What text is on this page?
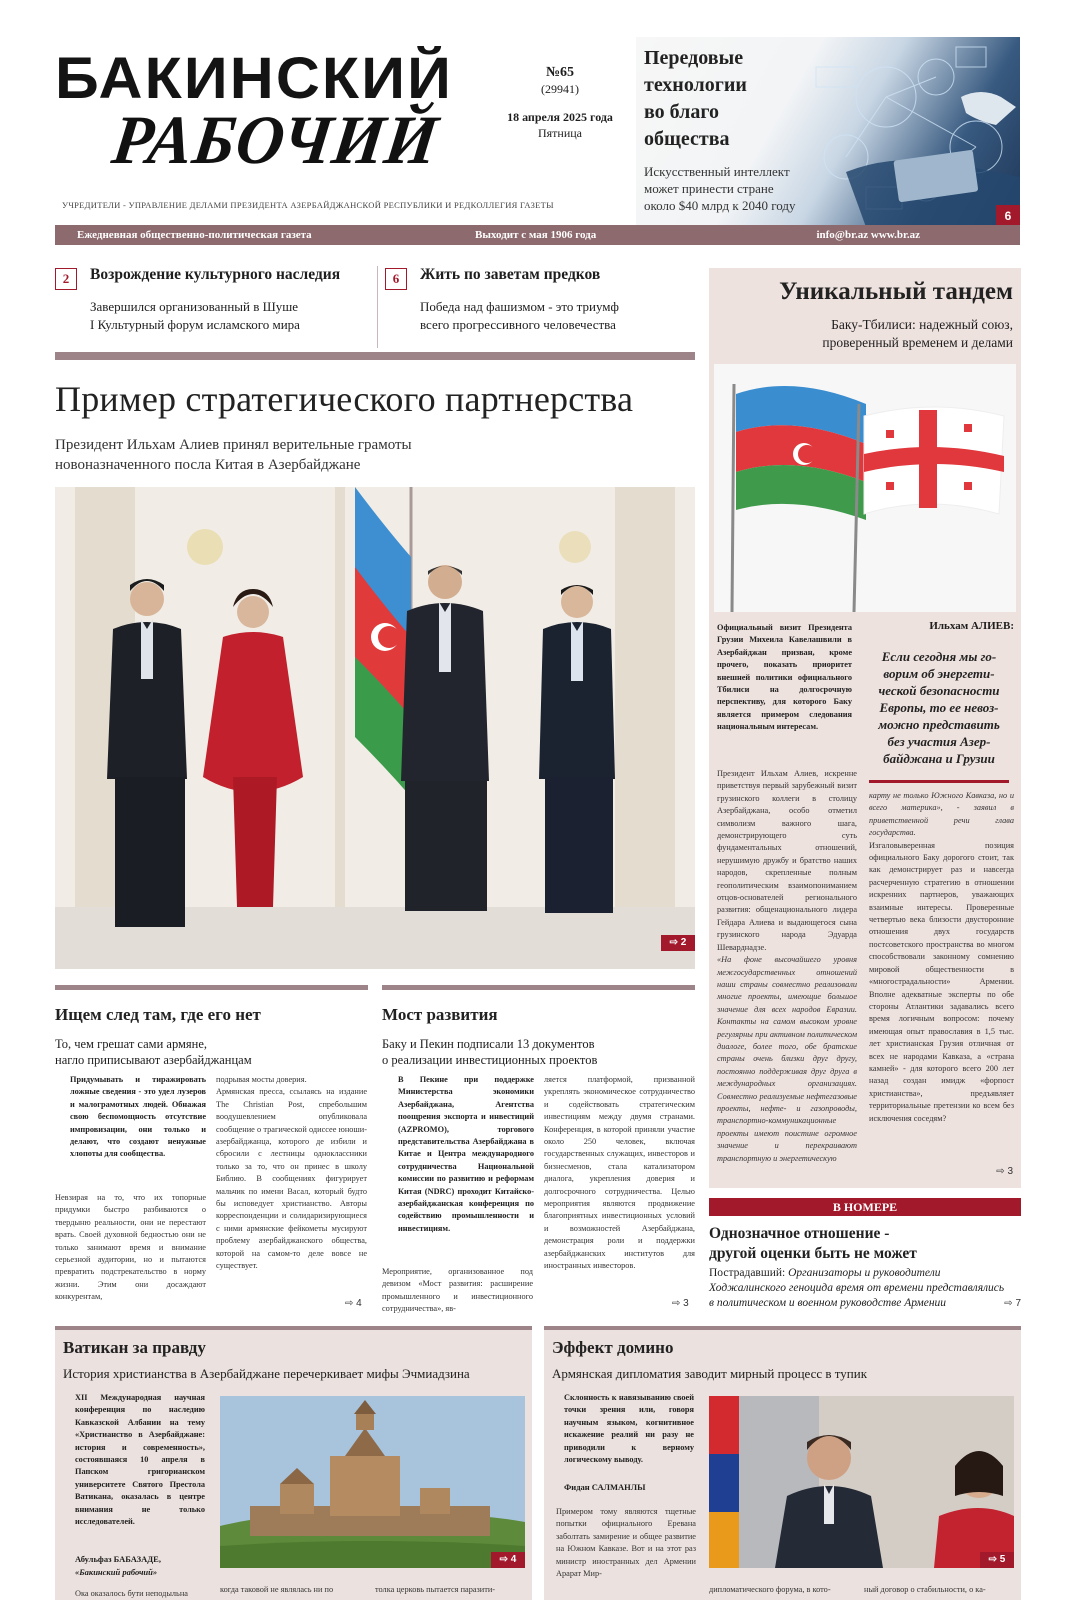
БАКИНСКИЙ
РАБОЧИЙ
№65
(29941)
18 апреля 2025 года
Пятница
УЧРЕДИТЕЛИ - УПРАВЛЕНИЕ ДЕЛАМИ ПРЕЗИДЕНТА АЗЕРБАЙДЖАНСКОЙ РЕСПУБЛИКИ И РЕДКОЛЛЕГИЯ ГАЗЕТЫ
Передовые
технологии
во благо
общества
Искусственный интеллект
может принести стране
около $40 млрд к 2040 году
6
Ежедневная общественно-политическая газета	Выходит с мая 1906 года	info@br.az www.br.az
2	Возрождение культурного наследия
Завершился организованный в Шуше
I Культурный форум исламского мира
6	Жить по заветам предков
Победа над фашизмом - это триумф
всего прогрессивного человечества
Пример стратегического партнерства
Президент Ильхам Алиев принял верительные грамоты
новоназначенного посла Китая в Азербайджане
⇨ 2
Уникальный тандем
Баку-Тбилиси: надежный союз,
проверенный временем и делами
Официальный визит Президента Грузии Михеила Кавелашвили в Азербайджан призван, кроме прочего, показать приоритет внешней политики официального Тбилиси на долгосрочную перспективу, для которого Баку является примером следования национальным интересам.
Ильхам АЛИЕВ:
Если сегодня мы го-
ворим об энергети-
ческой безопасности
Европы, то ее невоз-
можно представить
без участия Азер-
байджана и Грузии
Президент Ильхам Алиев, искренне приветствуя первый зарубежный визит грузинского коллеги в столицу Азербайджана, особо отметил символизм важного шага, демонстрирующего суть фундаментальных отношений, нерушимую дружбу и братство наших народов, скрепленные полным геополитическим взаимопониманием отцов-основателей регионального развития: общенационального лидера Гейдара Алиева и выдающегося сына грузинского народа Эдуарда Шеварднадзе.
«На фоне высочайшего уровня межгосударственных отношений наши страны совместно реализовали многие проекты, имеющие большое значение для всех народов Евразии. Контакты на самом высоком уровне регулярны при активном политическом диалоге, более того, обе братские страны очень близки друг другу, постоянно поддерживая друг друга в международных организациях. Совместно реализуемые нефтегазовые проекты, нефте- и газопроводы, транспортно-коммуникационные проекты имеют поистине огромное значение и перекраивают транспортную и энергетическую
карту не только Южного Кавказа, но и всего материка», - заявил в приветственной речи глава государства.
Изгаловыверенная позиция официального Баку дорогого стоит, так как демонстрирует раз и навсегда расчерченную стратегию в отношении искренних партнеров, уважающих взаимные интересы. Проверенные четвертью века близости двусторонние отношения двух государств постсоветского пространства во многом способствовали законному сомнению мировой общественности в «многострадальности» Армении. Вполне адекватные эксперты по обе стороны Атлантики задавались всего время логичным вопросом: почему имеющая опыт православия в 1,5 тыс. лет христианская Грузия отличная от всех не народами Кавказа, а «страна камней» - для которого всего 200 лет назад создан имидж «форпост христианства», предъявляет территориальные претензии ко всем без исключения соседям?
⇨ 3
В НОМЕРЕ
Однозначное отношение -
другой оценки быть не может
Пострадавший: Организаторы и руководители
Ходжалинского геноцида время от времени представлялись
в политическом и военном руководстве Армении	⇨ 7
Ищем след там, где его нет
То, чем грешат сами армяне,
нагло приписывают азербайджанцам
Придумывать и тиражировать ложные сведения - это удел лузеров и малограмотных людей. Обнажая свою беспомощность отсутствие импровизации, они только и делают, что создают ненужные хлопоты для сообщества.
Невзирая на то, что их топорные придумки быстро разбиваются о твердыню реальности, они не перестают врать. Своей духовной бедностью они не только занимают время и внимание серьезной аудитории, но и пытаются превратить подстрекательство в норму жизни. Этим они досаждают конкурентам,
подрывая мосты доверия.
Армянская пресса, ссылаясь на издание The Christian Post, спребольшим воодушевлением опубликовала сообщение о трагической одиссее юноши-азербайджанца, которого де избили и сбросили с лестницы одноклассники только за то, что он принес в школу Библию. В сообщениях фигурирует мальчик по имени Васал, который будто бы исповедует христианство. Авторы корреспонденции и солидаризирующиеся с ними армянские фейкометы мусируют проблему азербайджанского общества, которой на самом-то деле вовсе не существует.
⇨ 4
Мост развития
Баку и Пекин подписали 13 документов
о реализации инвестиционных проектов
В Пекине при поддержке Министерства экономики Азербайджана, Агентства поощрения экспорта и инвестиций (AZPROMO), торгового представительства Азербайджана в Китае и Центра международного сотрудничества Национальной комиссии по развитию и реформам Китая (NDRC) проходит Китайско-азербайджанская конференция по содействию промышленности и инвестициям.
Мероприятие, организованное под девизом «Мост развития: расширение промышленного и инвестиционного сотрудничества», яв-
ляется платформой, призванной укреплять экономическое сотрудничество и содействовать стратегическим инвестициям между двумя странами. Конференция, в которой приняли участие около 250 человек, включая государственных служащих, инвесторов и бизнесменов, стала катализатором диалога, укрепления доверия и долгосрочного сотрудничества. Целью мероприятия являются продвижение благоприятных инвестиционных условий и возможностей Азербайджана, демонстрация роли и поддержки азербайджанских институтов для иностранных инвесторов.
⇨ 3
Ватикан за правду
История христианства в Азербайджане перечеркивает мифы Эчмиадзина
XII Международная научная конференция по наследию Кавказской Албании на тему «Христианство в Азербайджане: история и современность», состоявшаяся 10 апреля в Папском григорианском университете Святого Престола Ватикана, оказалась в центре внимания не только исследователей.
Абульфаз БАБАЗАДЕ,
«Бакинский рабочий»
Ока оказалось бути неподыльна
⇨ 4
когда таковой не являлась ни по	толка церковь пытается паразити-
Эффект домино
Армянская дипломатия заводит мирный процесс в тупик
Склонность к навязыванию своей точки зрения или, говоря научным языком, когнитивное искажение реалий ни разу не приводили к верному логическому выводу.
Фидан САЛМАНЛЫ
Примером тому являются тщетные попытки официального Еревана заболтать замирение и общее развитие на Южном Кавказе. Вот и на этот раз министр иностранных дел Армении Арарат Мир-
⇨ 5
дипломатического форума, в кото-	ный договор о стабильности, о ка-
